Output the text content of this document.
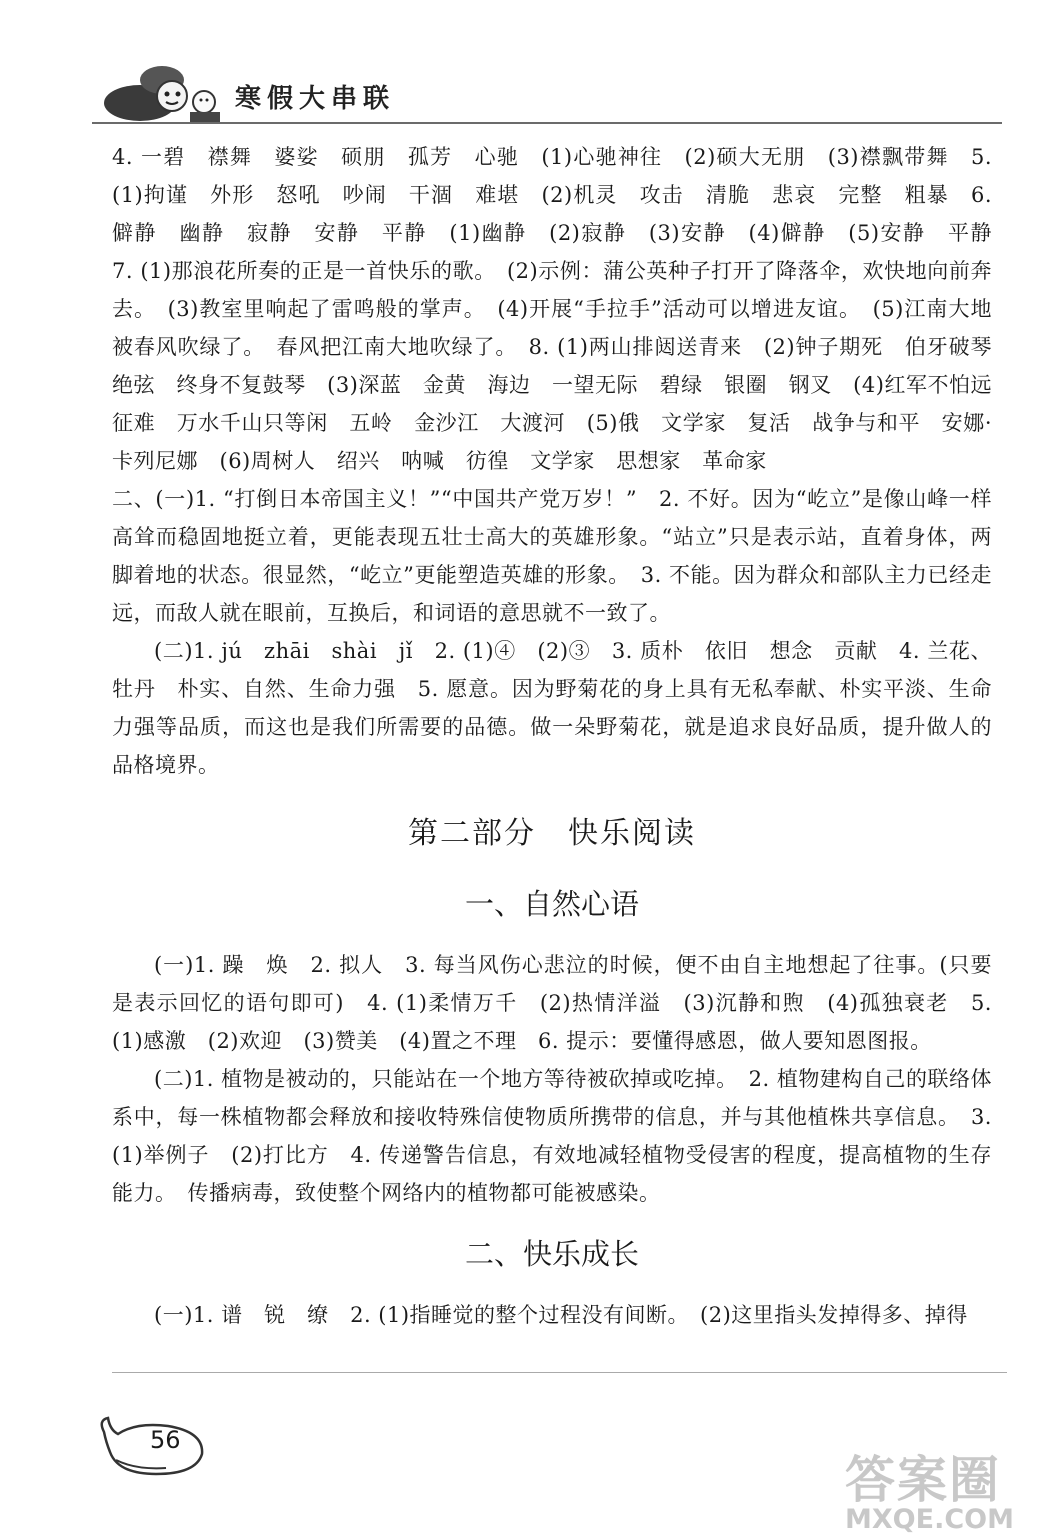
寒假大串联

4. 一碧　襟舞　婆娑　硕朋　孤芳　心驰　(1)心驰神往　(2)硕大无朋　(3)襟飘带舞　5. (1)拘谨　外形　怒吼　吵闹　干涸　难堪　(2)机灵　攻击　清脆　悲哀　完整　粗暴　6. 僻静　幽静　寂静　安静　平静　(1)幽静　(2)寂静　(3)安静　(4)僻静　(5)安静　平静　7. (1)那浪花所奏的正是一首快乐的歌。　(2)示例：蒲公英种子打开了降落伞，欢快地向前奔去。　(3)教室里响起了雷鸣般的掌声。　(4)开展“手拉手”活动可以增进友谊。　(5)江南大地被春风吹绿了。　春风把江南大地吹绿了。　8. (1)两山排闼送青来　(2)钟子期死　伯牙破琴绝弦　终身不复鼓琴　(3)深蓝　金黄　海边　一望无际　碧绿　银圈　钢叉　(4)红军不怕远征难　万水千山只等闲　五岭　金沙江　大渡河　(5)俄　文学家　复活　战争与和平　安娜·卡列尼娜　(6)周树人　绍兴　呐喊　彷徨　文学家　思想家　革命家

二、(一)1. “打倒日本帝国主义！”“中国共产党万岁！”　2. 不好。因为“屹立”是像山峰一样高耸而稳固地挺立着，更能表现五壮士高大的英雄形象。“站立”只是表示站，直着身体，两脚着地的状态。很显然，“屹立”更能塑造英雄的形象。　3. 不能。因为群众和部队主力已经走远，而敌人就在眼前，互换后，和词语的意思就不一致了。

(二)1. jú　zhāi　shài　jǐ　2. (1)④　(2)③　3. 质朴　依旧　想念　贡献　4. 兰花、牡丹　朴实、自然、生命力强　5. 愿意。因为野菊花的身上具有无私奉献、朴实平淡、生命力强等品质，而这也是我们所需要的品德。做一朵野菊花，就是追求良好品质，提升做人的品格境界。

第二部分　快乐阅读
一、自然心语

(一)1. 躁　焕　2. 拟人　3. 每当风伤心悲泣的时候，便不由自主地想起了往事。(只要是表示回忆的语句即可)　4. (1)柔情万千　(2)热情洋溢　(3)沉静和煦　(4)孤独衰老　5. (1)感激　(2)欢迎　(3)赞美　(4)置之不理　6. 提示：要懂得感恩，做人要知恩图报。

(二)1. 植物是被动的，只能站在一个地方等待被砍掉或吃掉。　2. 植物建构自己的联络体系中，每一株植物都会释放和接收特殊信使物质所携带的信息，并与其他植株共享信息。　3. (1)举例子　(2)打比方　4. 传递警告信息，有效地减轻植物受侵害的程度，提高植物的生存能力。　传播病毒，致使整个网络内的植物都可能被感染。

二、快乐成长

(一)1. 谱　锐　缭　2. (1)指睡觉的整个过程没有间断。　(2)这里指头发掉得多、掉得

56
答案圈
MXQE.COM
